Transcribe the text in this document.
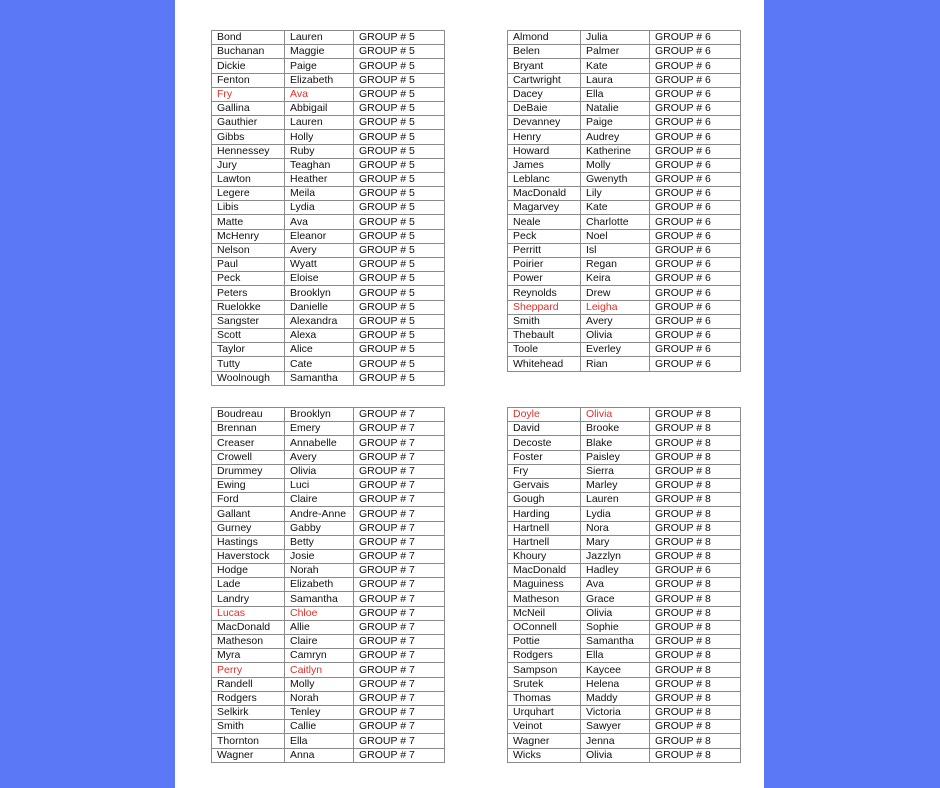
Bond	Lauren	GROUP # 5
Buchanan	Maggie	GROUP # 5
Dickie	Paige	GROUP # 5
Fenton	Elizabeth	GROUP # 5
Fry	Ava	GROUP # 5
Gallina	Abbigail	GROUP # 5
Gauthier	Lauren	GROUP # 5
Gibbs	Holly	GROUP # 5
Hennessey	Ruby	GROUP # 5
Jury	Teaghan	GROUP # 5
Lawton	Heather	GROUP # 5
Legere	Meila	GROUP # 5
Libis	Lydia	GROUP # 5
Matte	Ava	GROUP # 5
McHenry	Eleanor	GROUP # 5
Nelson	Avery	GROUP # 5
Paul	Wyatt	GROUP # 5
Peck	Eloise	GROUP # 5
Peters	Brooklyn	GROUP # 5
Ruelokke	Danielle	GROUP # 5
Sangster	Alexandra	GROUP # 5
Scott	Alexa	GROUP # 5
Taylor	Alice	GROUP # 5
Tutty	Cate	GROUP # 5
Woolnough	Samantha	GROUP # 5
Almond	Julia	GROUP # 6
Belen	Palmer	GROUP # 6
Bryant	Kate	GROUP # 6
Cartwright	Laura	GROUP # 6
Dacey	Ella	GROUP # 6
DeBaie	Natalie	GROUP # 6
Devanney	Paige	GROUP # 6
Henry	Audrey	GROUP # 6
Howard	Katherine	GROUP # 6
James	Molly	GROUP # 6
Leblanc	Gwenyth	GROUP # 6
MacDonald	Lily	GROUP # 6
Magarvey	Kate	GROUP # 6
Neale	Charlotte	GROUP # 6
Peck	Noel	GROUP # 6
Perritt	Isl	GROUP # 6
Poirier	Regan	GROUP # 6
Power	Keira	GROUP # 6
Reynolds	Drew	GROUP # 6
Sheppard	Leigha	GROUP # 6
Smith	Avery	GROUP # 6
Thebault	Olivia	GROUP # 6
Toole	Everley	GROUP # 6
Whitehead	Rian	GROUP # 6
Boudreau	Brooklyn	GROUP # 7
Brennan	Emery	GROUP # 7
Creaser	Annabelle	GROUP # 7
Crowell	Avery	GROUP # 7
Drummey	Olivia	GROUP # 7
Ewing	Luci	GROUP # 7
Ford	Claire	GROUP # 7
Gallant	Andre-Anne	GROUP # 7
Gurney	Gabby	GROUP # 7
Hastings	Betty	GROUP # 7
Haverstock	Josie	GROUP # 7
Hodge	Norah	GROUP # 7
Lade	Elizabeth	GROUP # 7
Landry	Samantha	GROUP # 7
Lucas	Chloe	GROUP # 7
MacDonald	Allie	GROUP # 7
Matheson	Claire	GROUP # 7
Myra	Camryn	GROUP # 7
Perry	Caitlyn	GROUP # 7
Randell	Molly	GROUP # 7
Rodgers	Norah	GROUP # 7
Selkirk	Tenley	GROUP # 7
Smith	Callie	GROUP # 7
Thornton	Ella	GROUP # 7
Wagner	Anna	GROUP # 7
Doyle	Olivia	GROUP # 8
David	Brooke	GROUP # 8
Decoste	Blake	GROUP # 8
Foster	Paisley	GROUP # 8
Fry	Sierra	GROUP # 8
Gervais	Marley	GROUP # 8
Gough	Lauren	GROUP # 8
Harding	Lydia	GROUP # 8
Hartnell	Nora	GROUP # 8
Hartnell	Mary	GROUP # 8
Khoury	Jazzlyn	GROUP # 8
MacDonald	Hadley	GROUP # 6
Maguiness	Ava	GROUP # 8
Matheson	Grace	GROUP # 8
McNeil	Olivia	GROUP # 8
OConnell	Sophie	GROUP # 8
Pottie	Samantha	GROUP # 8
Rodgers	Ella	GROUP # 8
Sampson	Kaycee	GROUP # 8
Srutek	Helena	GROUP # 8
Thomas	Maddy	GROUP # 8
Urquhart	Victoria	GROUP # 8
Veinot	Sawyer	GROUP # 8
Wagner	Jenna	GROUP # 8
Wicks	Olivia	GROUP # 8
